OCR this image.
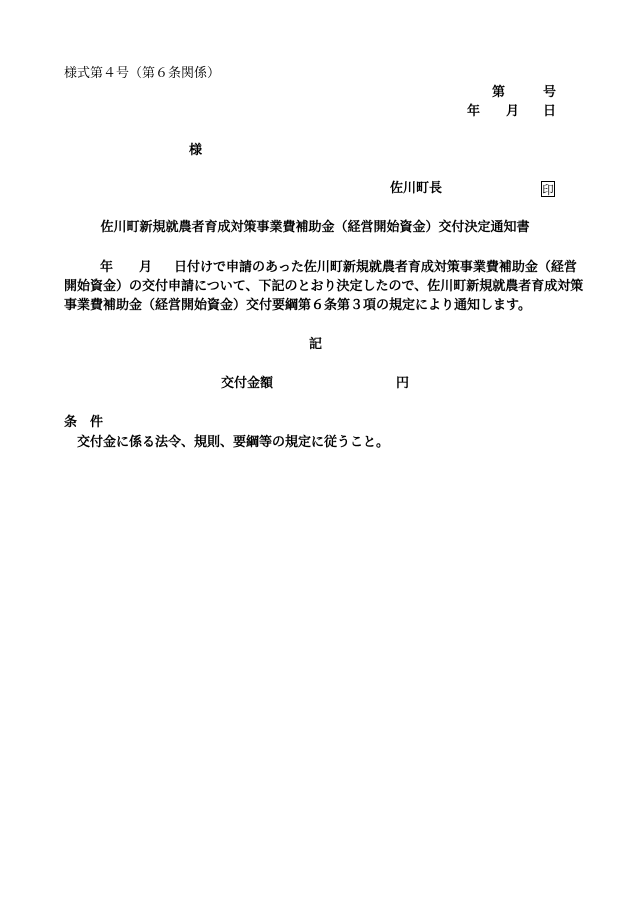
様式第４号（第６条関係）

第	号

年 月 日

様

佐川町長	印
佐川町新規就農者育成対策事業費補助金（経営開始資金）交付決定通知書
年 月 日付けで申請のあった佐川町新規就農者育成対策事業費補助金（経営
開始資金）の交付申請について、下記のとおり決定したので、佐川町新規就農者育成対策
事業費補助金（経営開始資金）交付要綱第６条第３項の規定により通知します。

記

交付金額	円

条　件

交付金に係る法令、規則、要綱等の規定に従うこと。
